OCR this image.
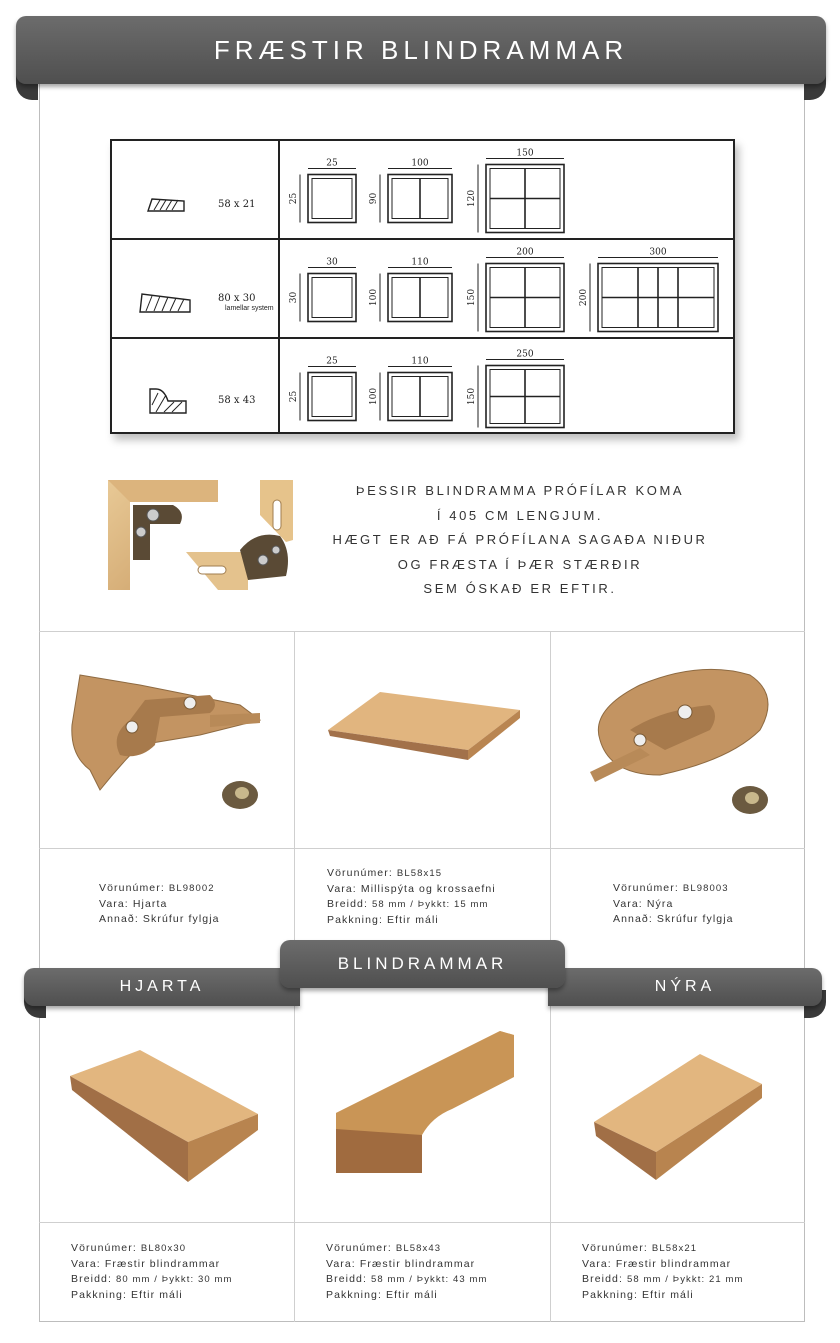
FRÆSTIR BLINDRAMMAR
58 x 21
80 x 30
lamellar system
58 x 43
25
25
100
90
150
120
30
30
110
100
200
150
300
200
25
25
110
100
250
150
ÞESSIR BLINDRAMMA PRÓFÍLAR KOMA
Í 405 CM LENGJUM.
HÆGT ER AÐ FÁ PRÓFÍLANA SAGAÐA NIÐUR
OG FRÆSTA Í ÞÆR STÆRÐIR
SEM ÓSKAÐ ER EFTIR.
Vörunúmer: BL98002
Vara: Hjarta
Annað: Skrúfur fylgja
Vörunúmer: BL58x15
Vara: Millispýta og krossaefni
Breidd: 58 mm / Þykkt: 15 mm
Pakkning: Eftir máli
Vörunúmer: BL98003
Vara: Nýra
Annað: Skrúfur fylgja
HJARTA	NÝRA
BLINDRAMMAR
Vörunúmer: BL80x30
Vara: Fræstir blindrammar
Breidd: 80 mm / Þykkt: 30 mm
Pakkning: Eftir máli
Vörunúmer: BL58x43
Vara: Fræstir blindrammar
Breidd: 58 mm / Þykkt: 43 mm
Pakkning: Eftir máli
Vörunúmer: BL58x21
Vara: Fræstir blindrammar
Breidd: 58 mm / Þykkt: 21 mm
Pakkning: Eftir máli
